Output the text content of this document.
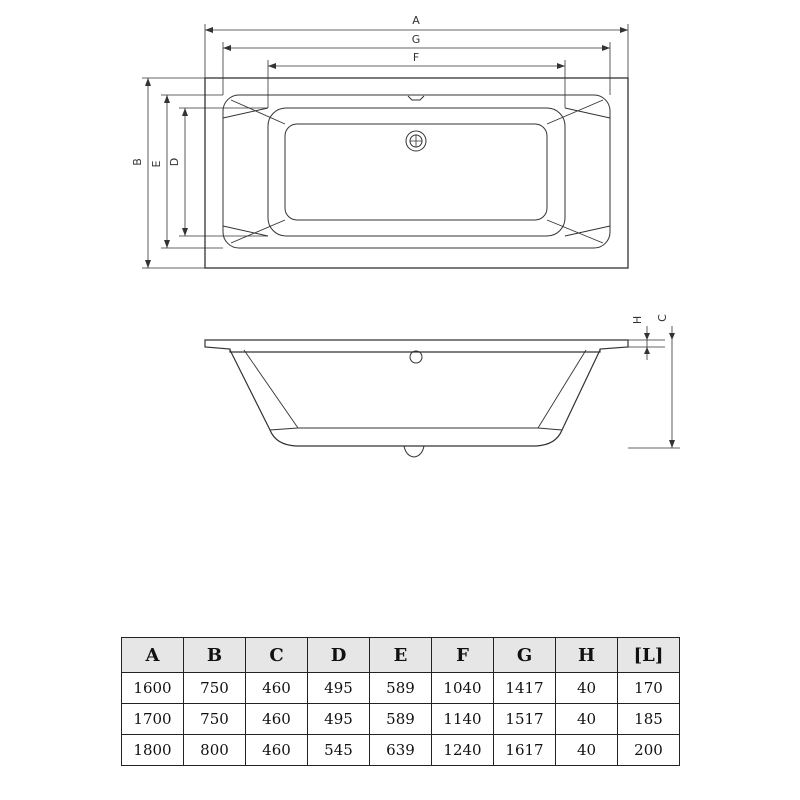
A
G
F
B E D
H C
A	B	C	D	E	F	G	H	[L]
1600	750	460	495	589	1040	1417	40	170
1700	750	460	495	589	1140	1517	40	185
1800	800	460	545	639	1240	1617	40	200
